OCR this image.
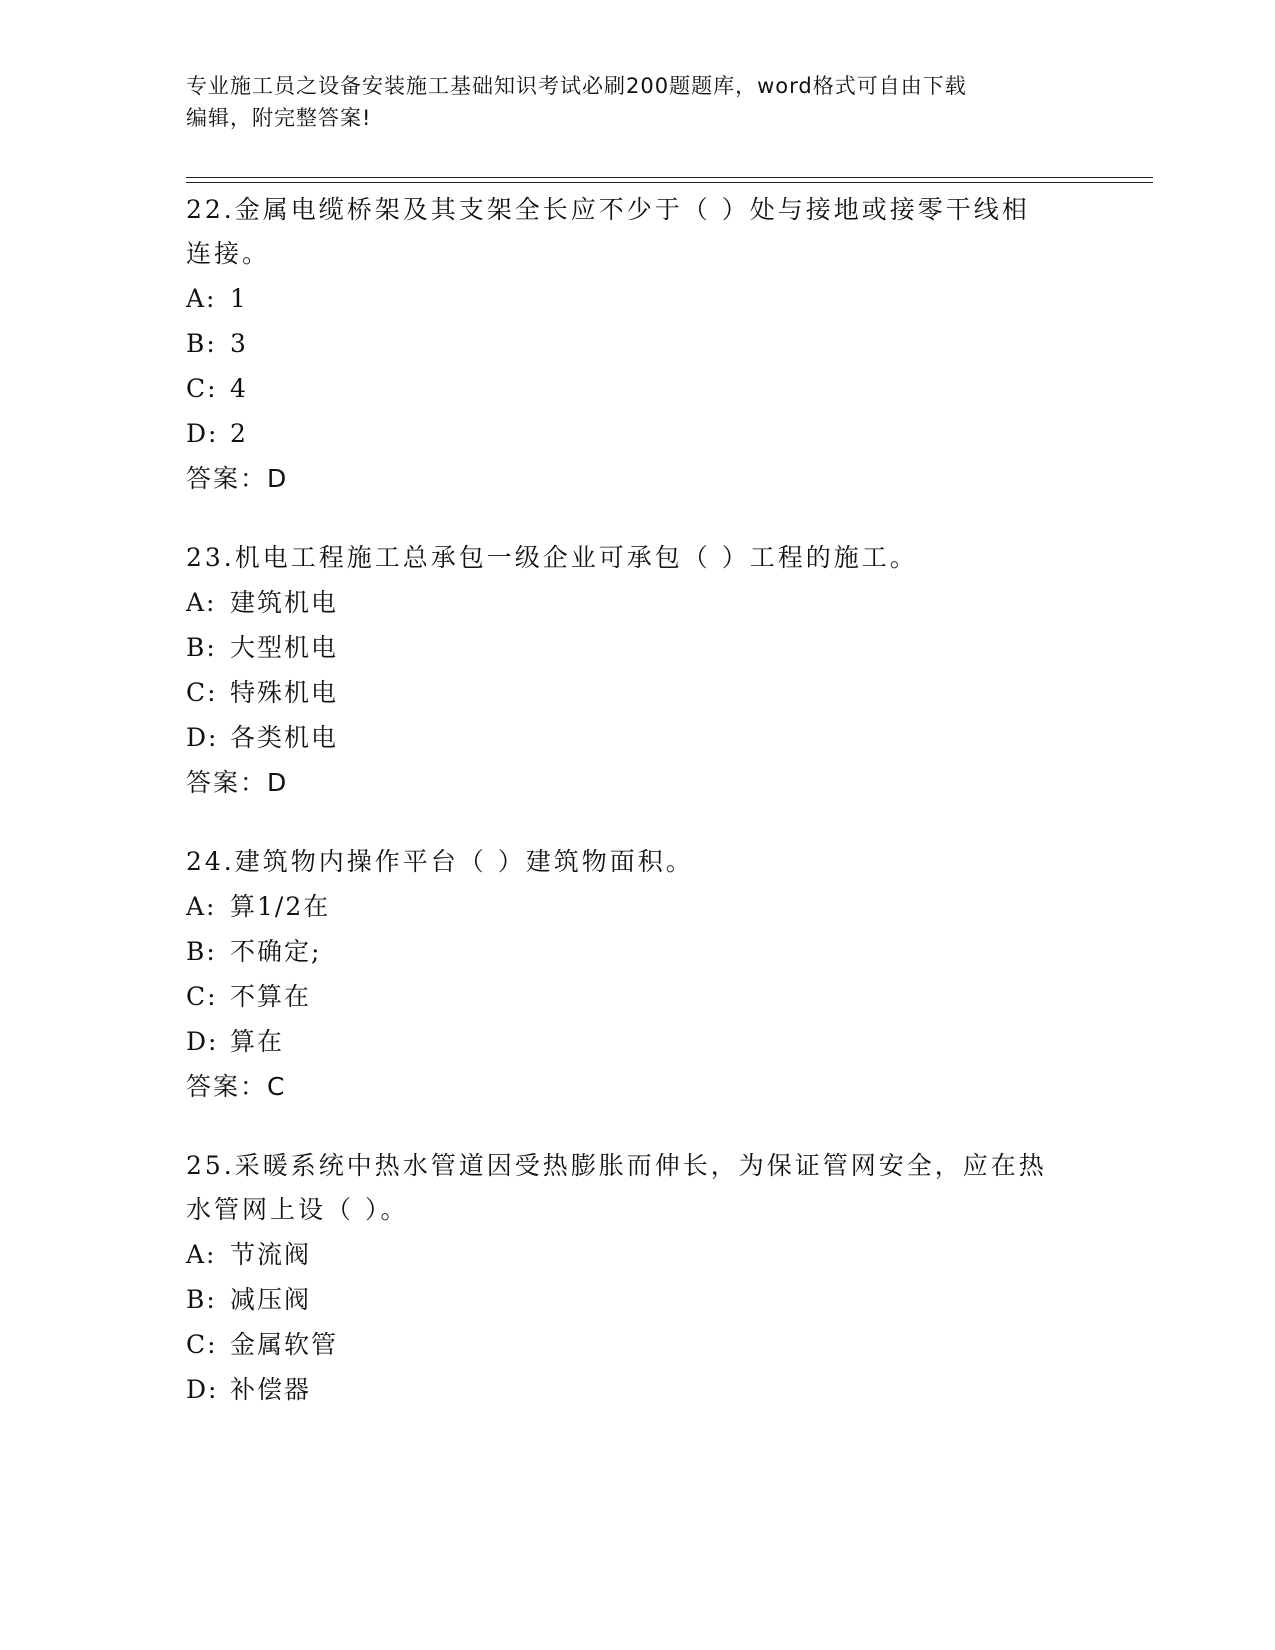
专业施工员之设备安装施工基础知识考试必刷200题题库，word格式可自由下载
编辑，附完整答案!
22.金属电缆桥架及其支架全长应不少于（ ）处与接地或接零干线相
连接。
A: 1
B: 3
C: 4
D: 2
答案：D
23.机电工程施工总承包一级企业可承包（ ）工程的施工。
A: 建筑机电
B: 大型机电
C: 特殊机电
D: 各类机电
答案：D
24.建筑物内操作平台（ ）建筑物面积。
A: 算1/2在
B: 不确定;
C: 不算在
D: 算在
答案：C
25.采暖系统中热水管道因受热膨胀而伸长，为保证管网安全，应在热
水管网上设（ ）。
A: 节流阀
B: 减压阀
C: 金属软管
D: 补偿器
